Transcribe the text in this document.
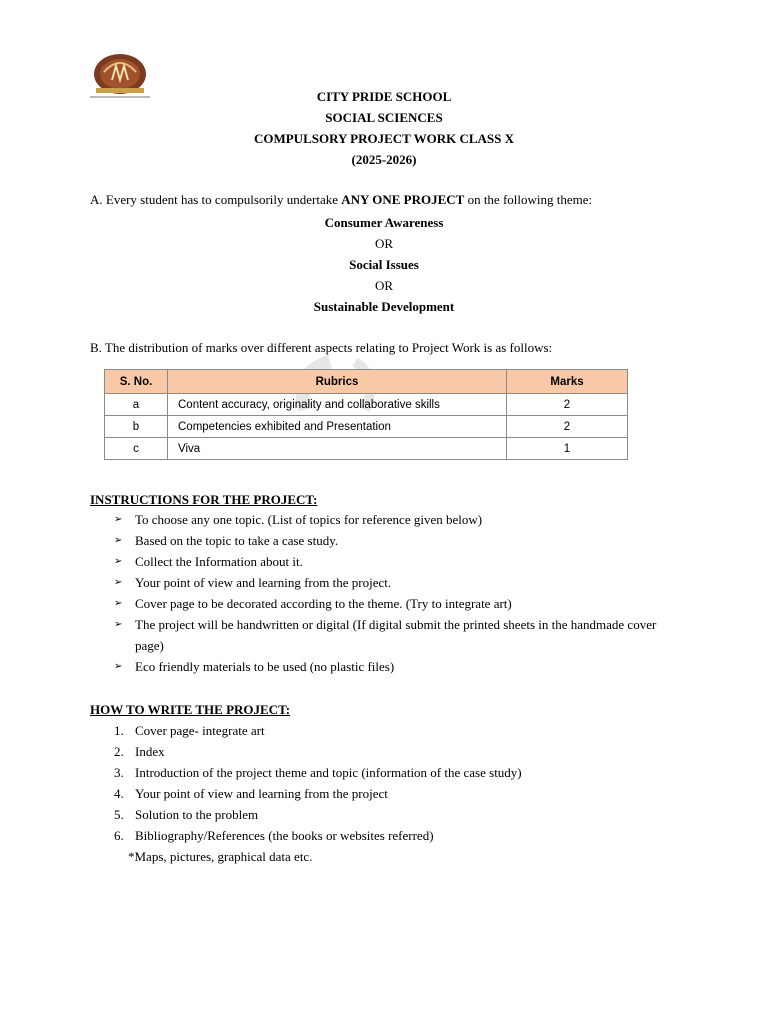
CITY PRIDE SCHOOL
SOCIAL SCIENCES
COMPULSORY PROJECT WORK CLASS X
(2025-2026)
A. Every student has to compulsorily undertake ANY ONE PROJECT on the following theme:
Consumer Awareness
OR
Social Issues
OR
Sustainable Development
B. The distribution of marks over different aspects relating to Project Work is as follows:
S. No.	Rubrics	Marks
a	Content accuracy, originality and collaborative skills	2
b	Competencies exhibited and Presentation	2
c	Viva	1
INSTRUCTIONS FOR THE PROJECT:
➢ To choose any one topic. (List of topics for reference given below)
➢ Based on the topic to take a case study.
➢ Collect the Information about it.
➢ Your point of view and learning from the project.
➢ Cover page to be decorated according to the theme. (Try to integrate art)
➢ The project will be handwritten or digital (If digital submit the printed sheets in the handmade cover page)
➢ Eco friendly materials to be used (no plastic files)
HOW TO WRITE THE PROJECT:
1. Cover page- integrate art
2. Index
3. Introduction of the project theme and topic (information of the case study)
4. Your point of view and learning from the project
5. Solution to the problem
6. Bibliography/References (the books or websites referred)
*Maps, pictures, graphical data etc.
